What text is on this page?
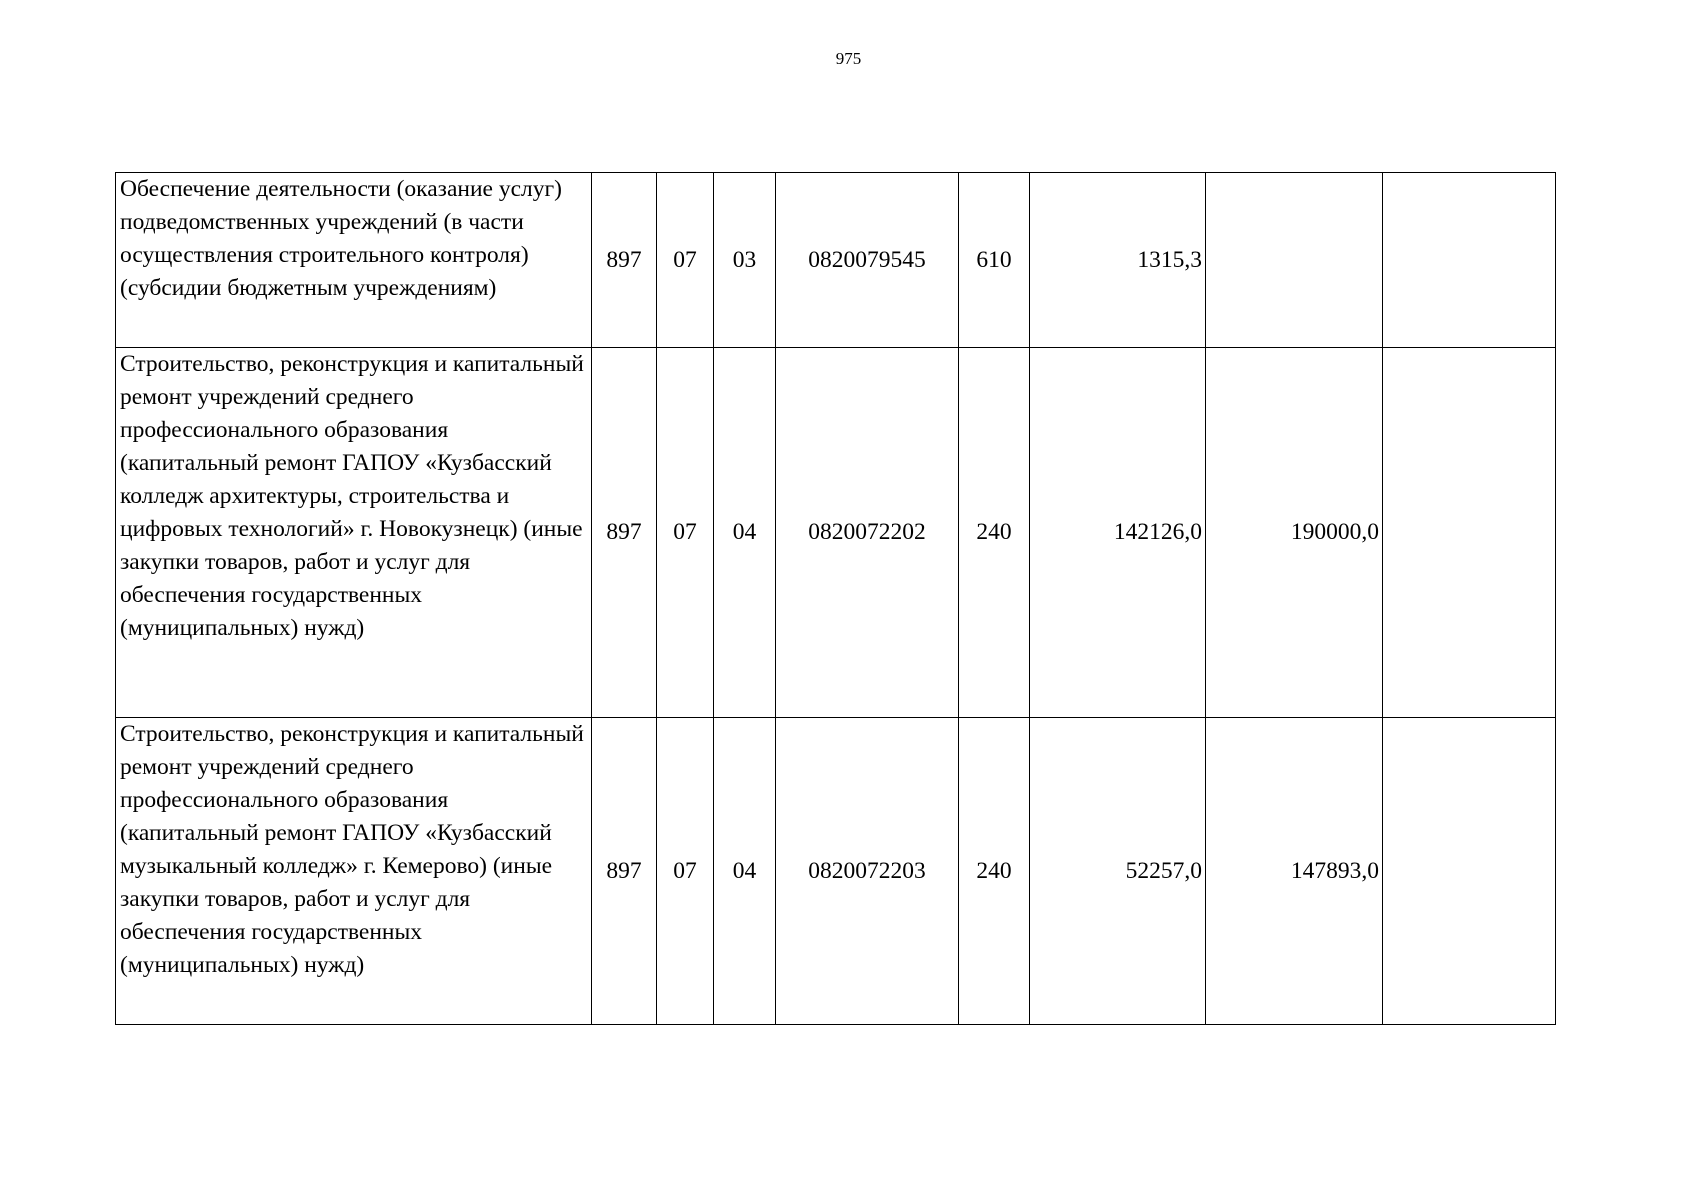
975
Обеспечение деятельности (оказание услуг) подведомственных учреждений (в части осуществления строительного контроля) (субсидии бюджетным учреждениям)	897	07	03	0820079545	610	1315,3		
Строительство, реконструкция и капитальный ремонт учреждений среднего профессионального образования (капитальный ремонт ГАПОУ «Кузбасский колледж архитектуры, строительства и цифровых технологий» г. Новокузнецк) (иные закупки товаров, работ и услуг для обеспечения государственных (муниципальных) нужд)	897	07	04	0820072202	240	142126,0	190000,0	
Строительство, реконструкция и капитальный ремонт учреждений среднего профессионального образования (капитальный ремонт ГАПОУ «Кузбасский музыкальный колледж» г. Кемерово) (иные закупки товаров, работ и услуг для обеспечения государственных (муниципальных) нужд)	897	07	04	0820072203	240	52257,0	147893,0	
